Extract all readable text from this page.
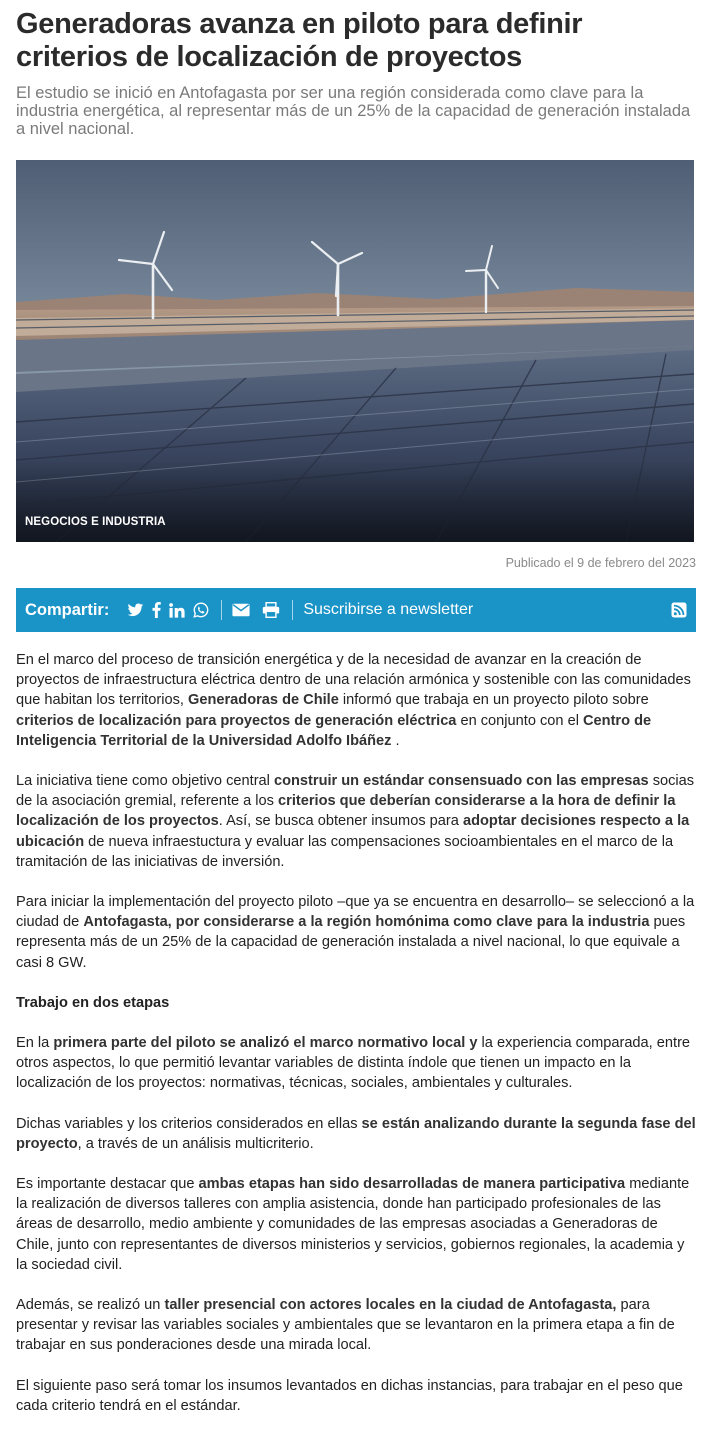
Generadoras avanza en piloto para definir criterios de localización de proyectos
El estudio se inició en Antofagasta por ser una región considerada como clave para la industria energética, al representar más de un 25% de la capacidad de generación instalada a nivel nacional.
NEGOCIOS E INDUSTRIA
Publicado el 9 de febrero del 2023
Compartir:	Suscribirse a newsletter

En el marco del proceso de transición energética y de la necesidad de avanzar en la creación de proyectos de infraestructura eléctrica dentro de una relación armónica y sostenible con las comunidades que habitan los territorios, Generadoras de Chile informó que trabaja en un proyecto piloto sobre criterios de localización para proyectos de generación eléctrica en conjunto con el Centro de Inteligencia Territorial de la Universidad Adolfo Ibáñez .

La iniciativa tiene como objetivo central construir un estándar consensuado con las empresas socias de la asociación gremial, referente a los criterios que deberían considerarse a la hora de definir la localización de los proyectos. Así, se busca obtener insumos para adoptar decisiones respecto a la ubicación de nueva infraestuctura y evaluar las compensaciones socioambientales en el marco de la tramitación de las iniciativas de inversión.

Para iniciar la implementación del proyecto piloto –que ya se encuentra en desarrollo– se seleccionó a la ciudad de Antofagasta, por considerarse a la región homónima como clave para la industria pues representa más de un 25% de la capacidad de generación instalada a nivel nacional, lo que equivale a casi 8 GW.

Trabajo en dos etapas

En la primera parte del piloto se analizó el marco normativo local y la experiencia comparada, entre otros aspectos, lo que permitió levantar variables de distinta índole que tienen un impacto en la localización de los proyectos: normativas, técnicas, sociales, ambientales y culturales.

Dichas variables y los criterios considerados en ellas se están analizando durante la segunda fase del proyecto, a través de un análisis multicriterio.

Es importante destacar que ambas etapas han sido desarrolladas de manera participativa mediante la realización de diversos talleres con amplia asistencia, donde han participado profesionales de las áreas de desarrollo, medio ambiente y comunidades de las empresas asociadas a Generadoras de Chile, junto con representantes de diversos ministerios y servicios, gobiernos regionales, la academia y la sociedad civil.

Además, se realizó un taller presencial con actores locales en la ciudad de Antofagasta, para presentar y revisar las variables sociales y ambientales que se levantaron en la primera etapa a fin de trabajar en sus ponderaciones desde una mirada local.

El siguiente paso será tomar los insumos levantados en dichas instancias, para trabajar en el peso que cada criterio tendrá en el estándar.
